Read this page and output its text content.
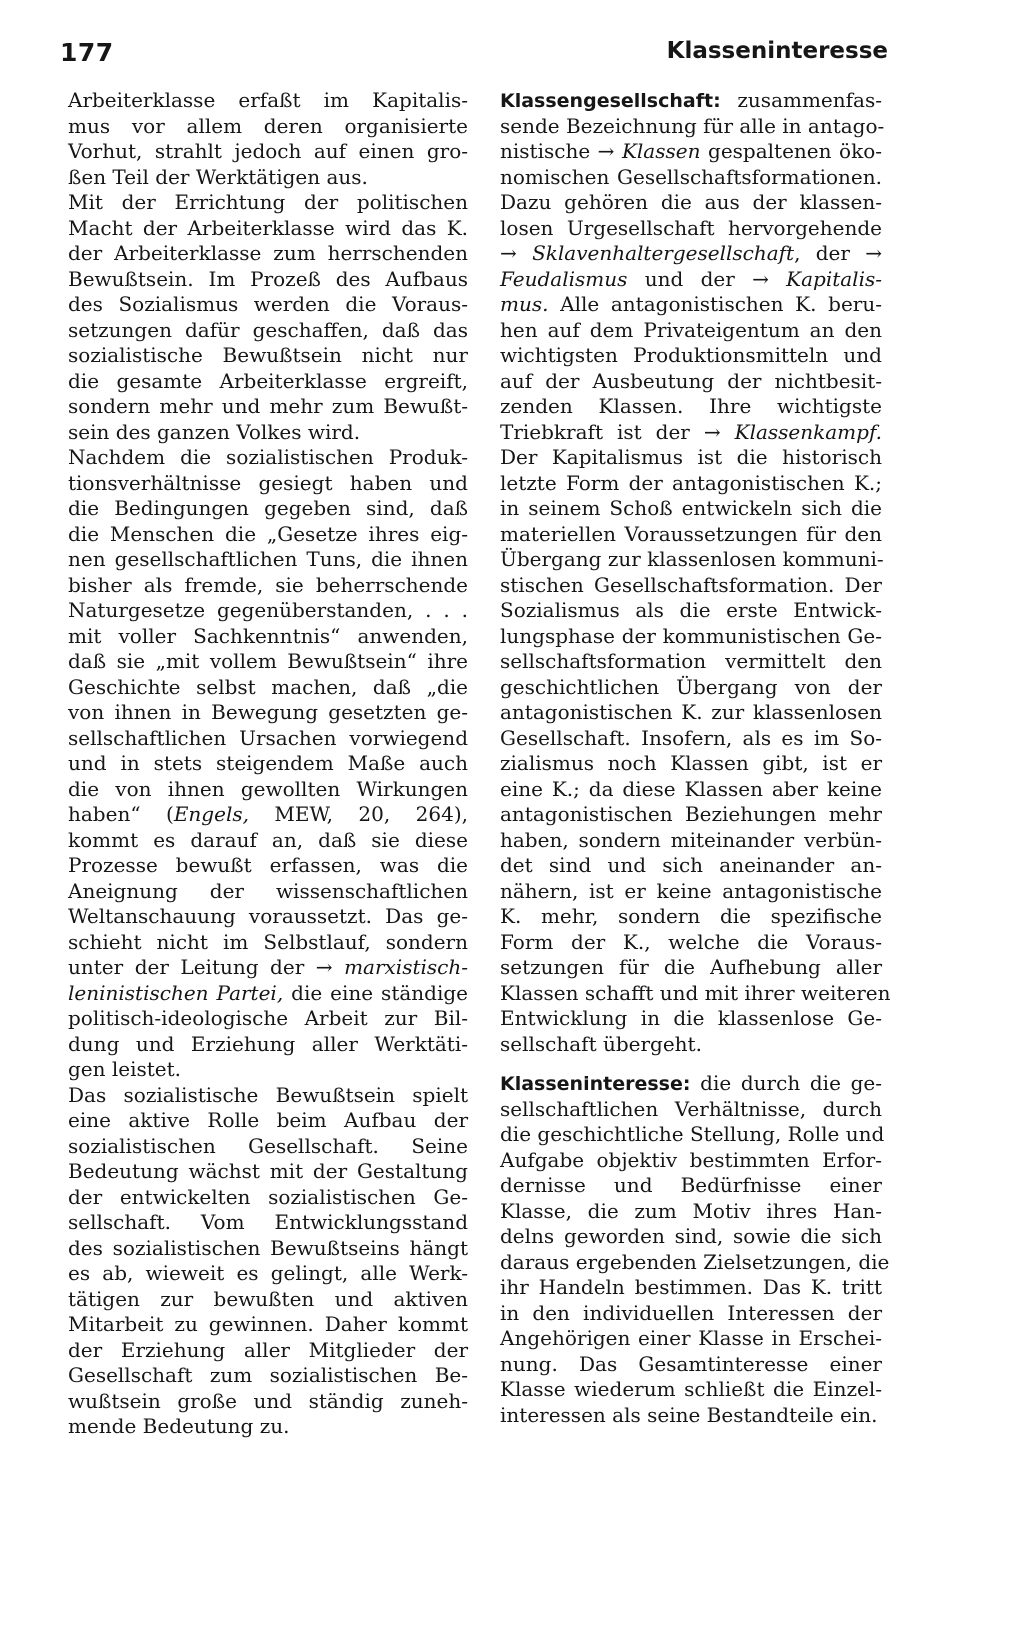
177	Klasseninteresse
Arbeiterklasse erfaßt im Kapitalis-
mus vor allem deren organisierte
Vorhut, strahlt jedoch auf einen gro-
ßen Teil der Werktätigen aus.
Mit der Errichtung der politischen
Macht der Arbeiterklasse wird das K.
der Arbeiterklasse zum herrschenden
Bewußtsein. Im Prozeß des Aufbaus
des Sozialismus werden die Voraus-
setzungen dafür geschaffen, daß das
sozialistische Bewußtsein nicht nur
die gesamte Arbeiterklasse ergreift,
sondern mehr und mehr zum Bewußt-
sein des ganzen Volkes wird.
Nachdem die sozialistischen Produk-
tionsverhältnisse gesiegt haben und
die Bedingungen gegeben sind, daß
die Menschen die „Gesetze ihres eig-
nen gesellschaftlichen Tuns, die ihnen
bisher als fremde, sie beherrschende
Naturgesetze gegenüberstanden, . . .
mit voller Sachkenntnis“ anwenden,
daß sie „mit vollem Bewußtsein“ ihre
Geschichte selbst machen, daß „die
von ihnen in Bewegung gesetzten ge-
sellschaftlichen Ursachen vorwiegend
und in stets steigendem Maße auch
die von ihnen gewollten Wirkungen
haben“ (Engels, MEW, 20, 264),
kommt es darauf an, daß sie diese
Prozesse bewußt erfassen, was die
Aneignung der wissenschaftlichen
Weltanschauung voraussetzt. Das ge-
schieht nicht im Selbstlauf, sondern
unter der Leitung der → marxistisch-
leninistischen Partei, die eine ständige
politisch-ideologische Arbeit zur Bil-
dung und Erziehung aller Werktäti-
gen leistet.
Das sozialistische Bewußtsein spielt
eine aktive Rolle beim Aufbau der
sozialistischen Gesellschaft. Seine
Bedeutung wächst mit der Gestaltung
der entwickelten sozialistischen Ge-
sellschaft. Vom Entwicklungsstand
des sozialistischen Bewußtseins hängt
es ab, wieweit es gelingt, alle Werk-
tätigen zur bewußten und aktiven
Mitarbeit zu gewinnen. Daher kommt
der Erziehung aller Mitglieder der
Gesellschaft zum sozialistischen Be-
wußtsein große und ständig zuneh-
mende Bedeutung zu.
Klassengesellschaft: zusammenfas-
sende Bezeichnung für alle in antago-
nistische → Klassen gespaltenen öko-
nomischen Gesellschaftsformationen.
Dazu gehören die aus der klassen-
losen Urgesellschaft hervorgehende
→ Sklavenhaltergesellschaft, der →
Feudalismus und der → Kapitalis-
mus. Alle antagonistischen K. beru-
hen auf dem Privateigentum an den
wichtigsten Produktionsmitteln und
auf der Ausbeutung der nichtbesit-
zenden Klassen. Ihre wichtigste
Triebkraft ist der → Klassenkampf.
Der Kapitalismus ist die historisch
letzte Form der antagonistischen K.;
in seinem Schoß entwickeln sich die
materiellen Voraussetzungen für den
Übergang zur klassenlosen kommuni-
stischen Gesellschaftsformation. Der
Sozialismus als die erste Entwick-
lungsphase der kommunistischen Ge-
sellschaftsformation vermittelt den
geschichtlichen Übergang von der
antagonistischen K. zur klassenlosen
Gesellschaft. Insofern, als es im So-
zialismus noch Klassen gibt, ist er
eine K.; da diese Klassen aber keine
antagonistischen Beziehungen mehr
haben, sondern miteinander verbün-
det sind und sich aneinander an-
nähern, ist er keine antagonistische
K. mehr, sondern die spezifische
Form der K., welche die Voraus-
setzungen für die Aufhebung aller
Klassen schafft und mit ihrer weiteren
Entwicklung in die klassenlose Ge-
sellschaft übergeht.
Klasseninteresse: die durch die ge-
sellschaftlichen Verhältnisse, durch
die geschichtliche Stellung, Rolle und
Aufgabe objektiv bestimmten Erfor-
dernisse und Bedürfnisse einer
Klasse, die zum Motiv ihres Han-
delns geworden sind, sowie die sich
daraus ergebenden Zielsetzungen, die
ihr Handeln bestimmen. Das K. tritt
in den individuellen Interessen der
Angehörigen einer Klasse in Erschei-
nung. Das Gesamtinteresse einer
Klasse wiederum schließt die Einzel-
interessen als seine Bestandteile ein.
